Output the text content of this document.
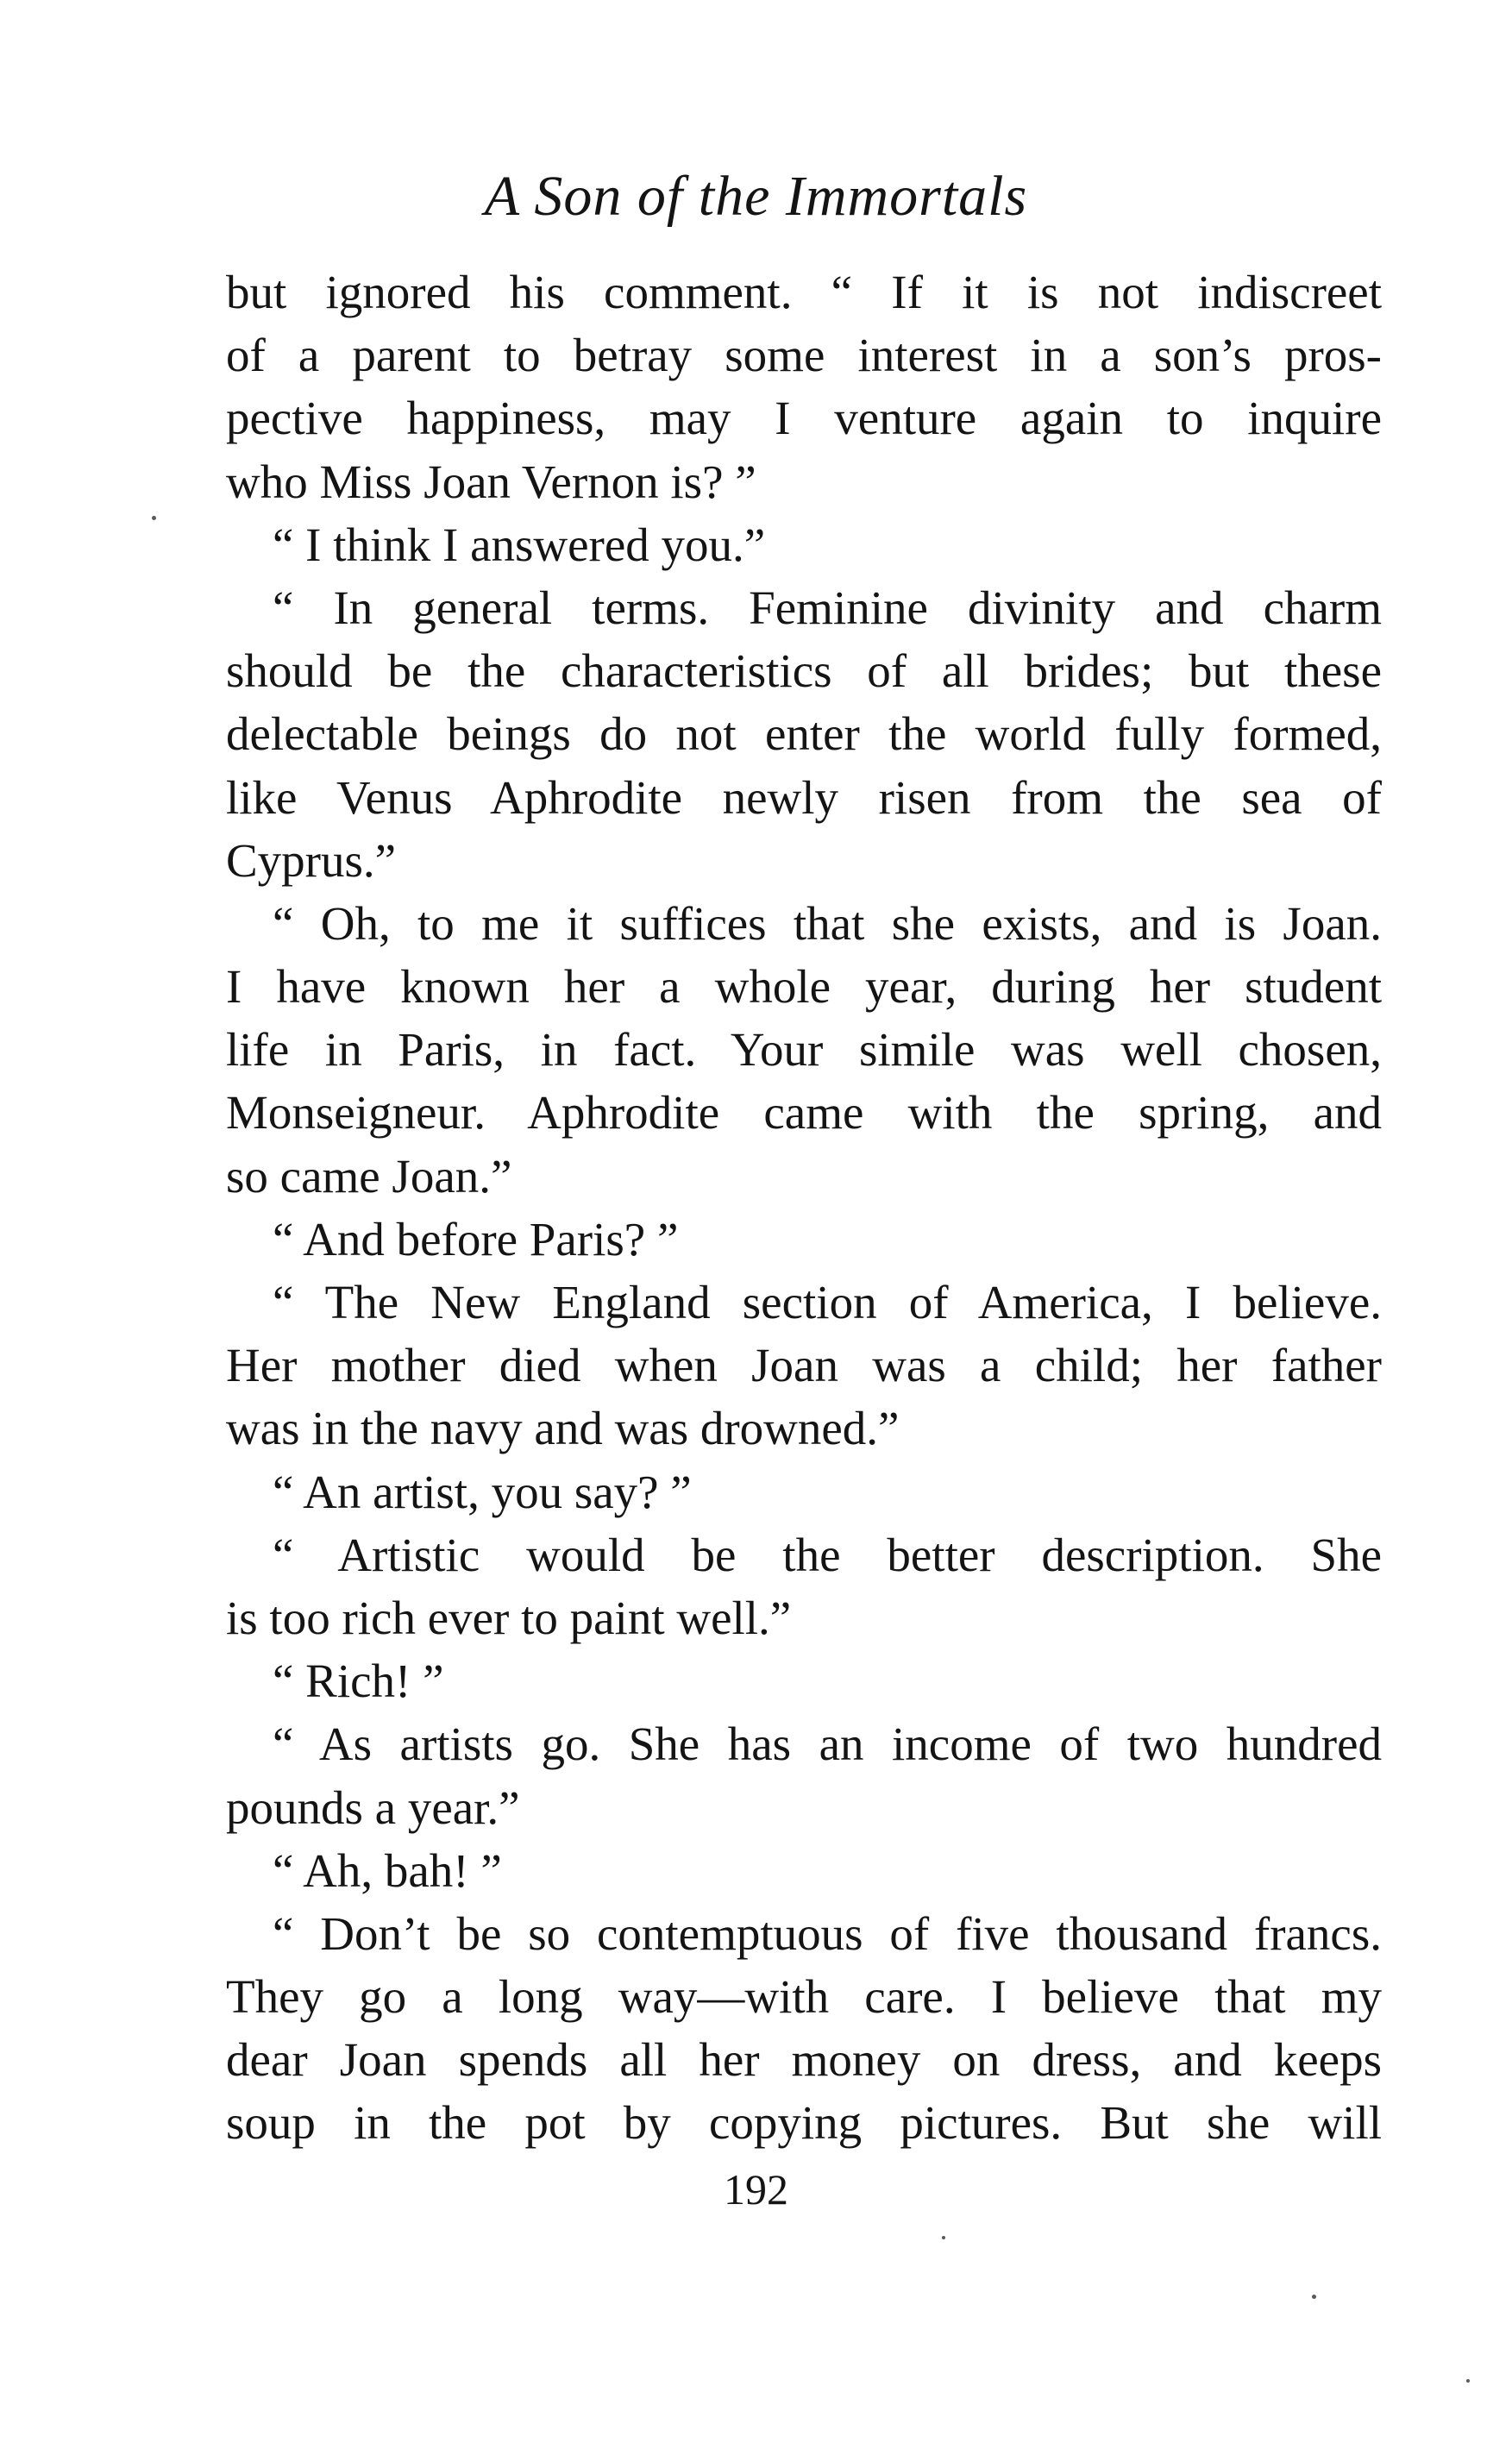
A Son of the Immortals
but ignored his comment. “ If it is not indiscreet
of a parent to betray some interest in a son’s pros-
pective happiness, may I venture again to inquire
who Miss Joan Vernon is? ”
“ I think I answered you.”
“ In general terms. Feminine divinity and charm
should be the characteristics of all brides; but these
delectable beings do not enter the world fully formed,
like Venus Aphrodite newly risen from the sea of
Cyprus.”
“ Oh, to me it suffices that she exists, and is Joan.
I have known her a whole year, during her student
life in Paris, in fact. Your simile was well chosen,
Monseigneur. Aphrodite came with the spring, and
so came Joan.”
“ And before Paris? ”
“ The New England section of America, I believe.
Her mother died when Joan was a child; her father
was in the navy and was drowned.”
“ An artist, you say? ”
“ Artistic would be the better description. She
is too rich ever to paint well.”
“ Rich! ”
“ As artists go. She has an income of two hundred
pounds a year.”
“ Ah, bah! ”
“ Don’t be so contemptuous of five thousand francs.
They go a long way—with care. I believe that my
dear Joan spends all her money on dress, and keeps
soup in the pot by copying pictures. But she will
192
